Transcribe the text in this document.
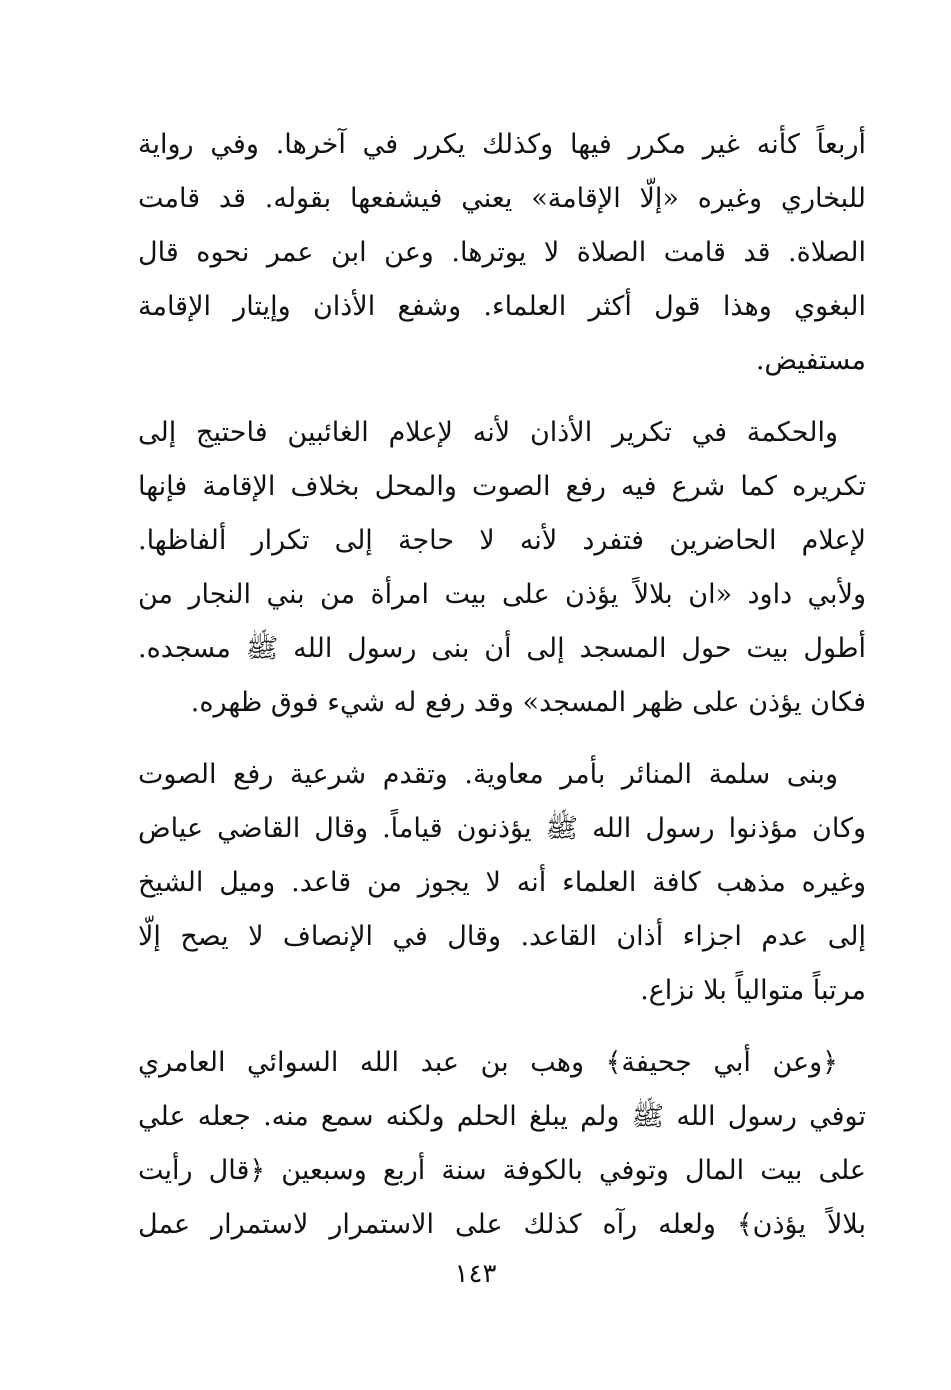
أربعاً كأنه غير مكرر فيها وكذلك يكرر في آخرها. وفي رواية
للبخاري وغيره «إلّا الإقامة» يعني فيشفعها بقوله. قد قامت
الصلاة. قد قامت الصلاة لا يوترها. وعن ابن عمر نحوه قال
البغوي وهذا قول أكثر العلماء. وشفع الأذان وإيتار الإقامة
مستفيض.
والحكمة في تكرير الأذان لأنه لإعلام الغائبين فاحتيج إلى
تكريره كما شرع فيه رفع الصوت والمحل بخلاف الإقامة فإنها
لإعلام الحاضرين فتفرد لأنه لا حاجة إلى تكرار ألفاظها.
ولأبي داود «ان بلالاً يؤذن على بيت امرأة من بني النجار من
أطول بيت حول المسجد إلى أن بنى رسول الله ﷺ مسجده.
فكان يؤذن على ظهر المسجد» وقد رفع له شيء فوق ظهره.
وبنى سلمة المنائر بأمر معاوية. وتقدم شرعية رفع الصوت
وكان مؤذنوا رسول الله ﷺ يؤذنون قياماً. وقال القاضي عياض
وغيره مذهب كافة العلماء أنه لا يجوز من قاعد. وميل الشيخ
إلى عدم اجزاء أذان القاعد. وقال في الإنصاف لا يصح إلّا
مرتباً متوالياً بلا نزاع.
﴿وعن أبي جحيفة﴾ وهب بن عبد الله السوائي العامري
توفي رسول الله ﷺ ولم يبلغ الحلم ولكنه سمع منه. جعله علي
على بيت المال وتوفي بالكوفة سنة أربع وسبعين ﴿قال رأيت
بلالاً يؤذن﴾ ولعله رآه كذلك على الاستمرار لاستمرار عمل
١٤٣
